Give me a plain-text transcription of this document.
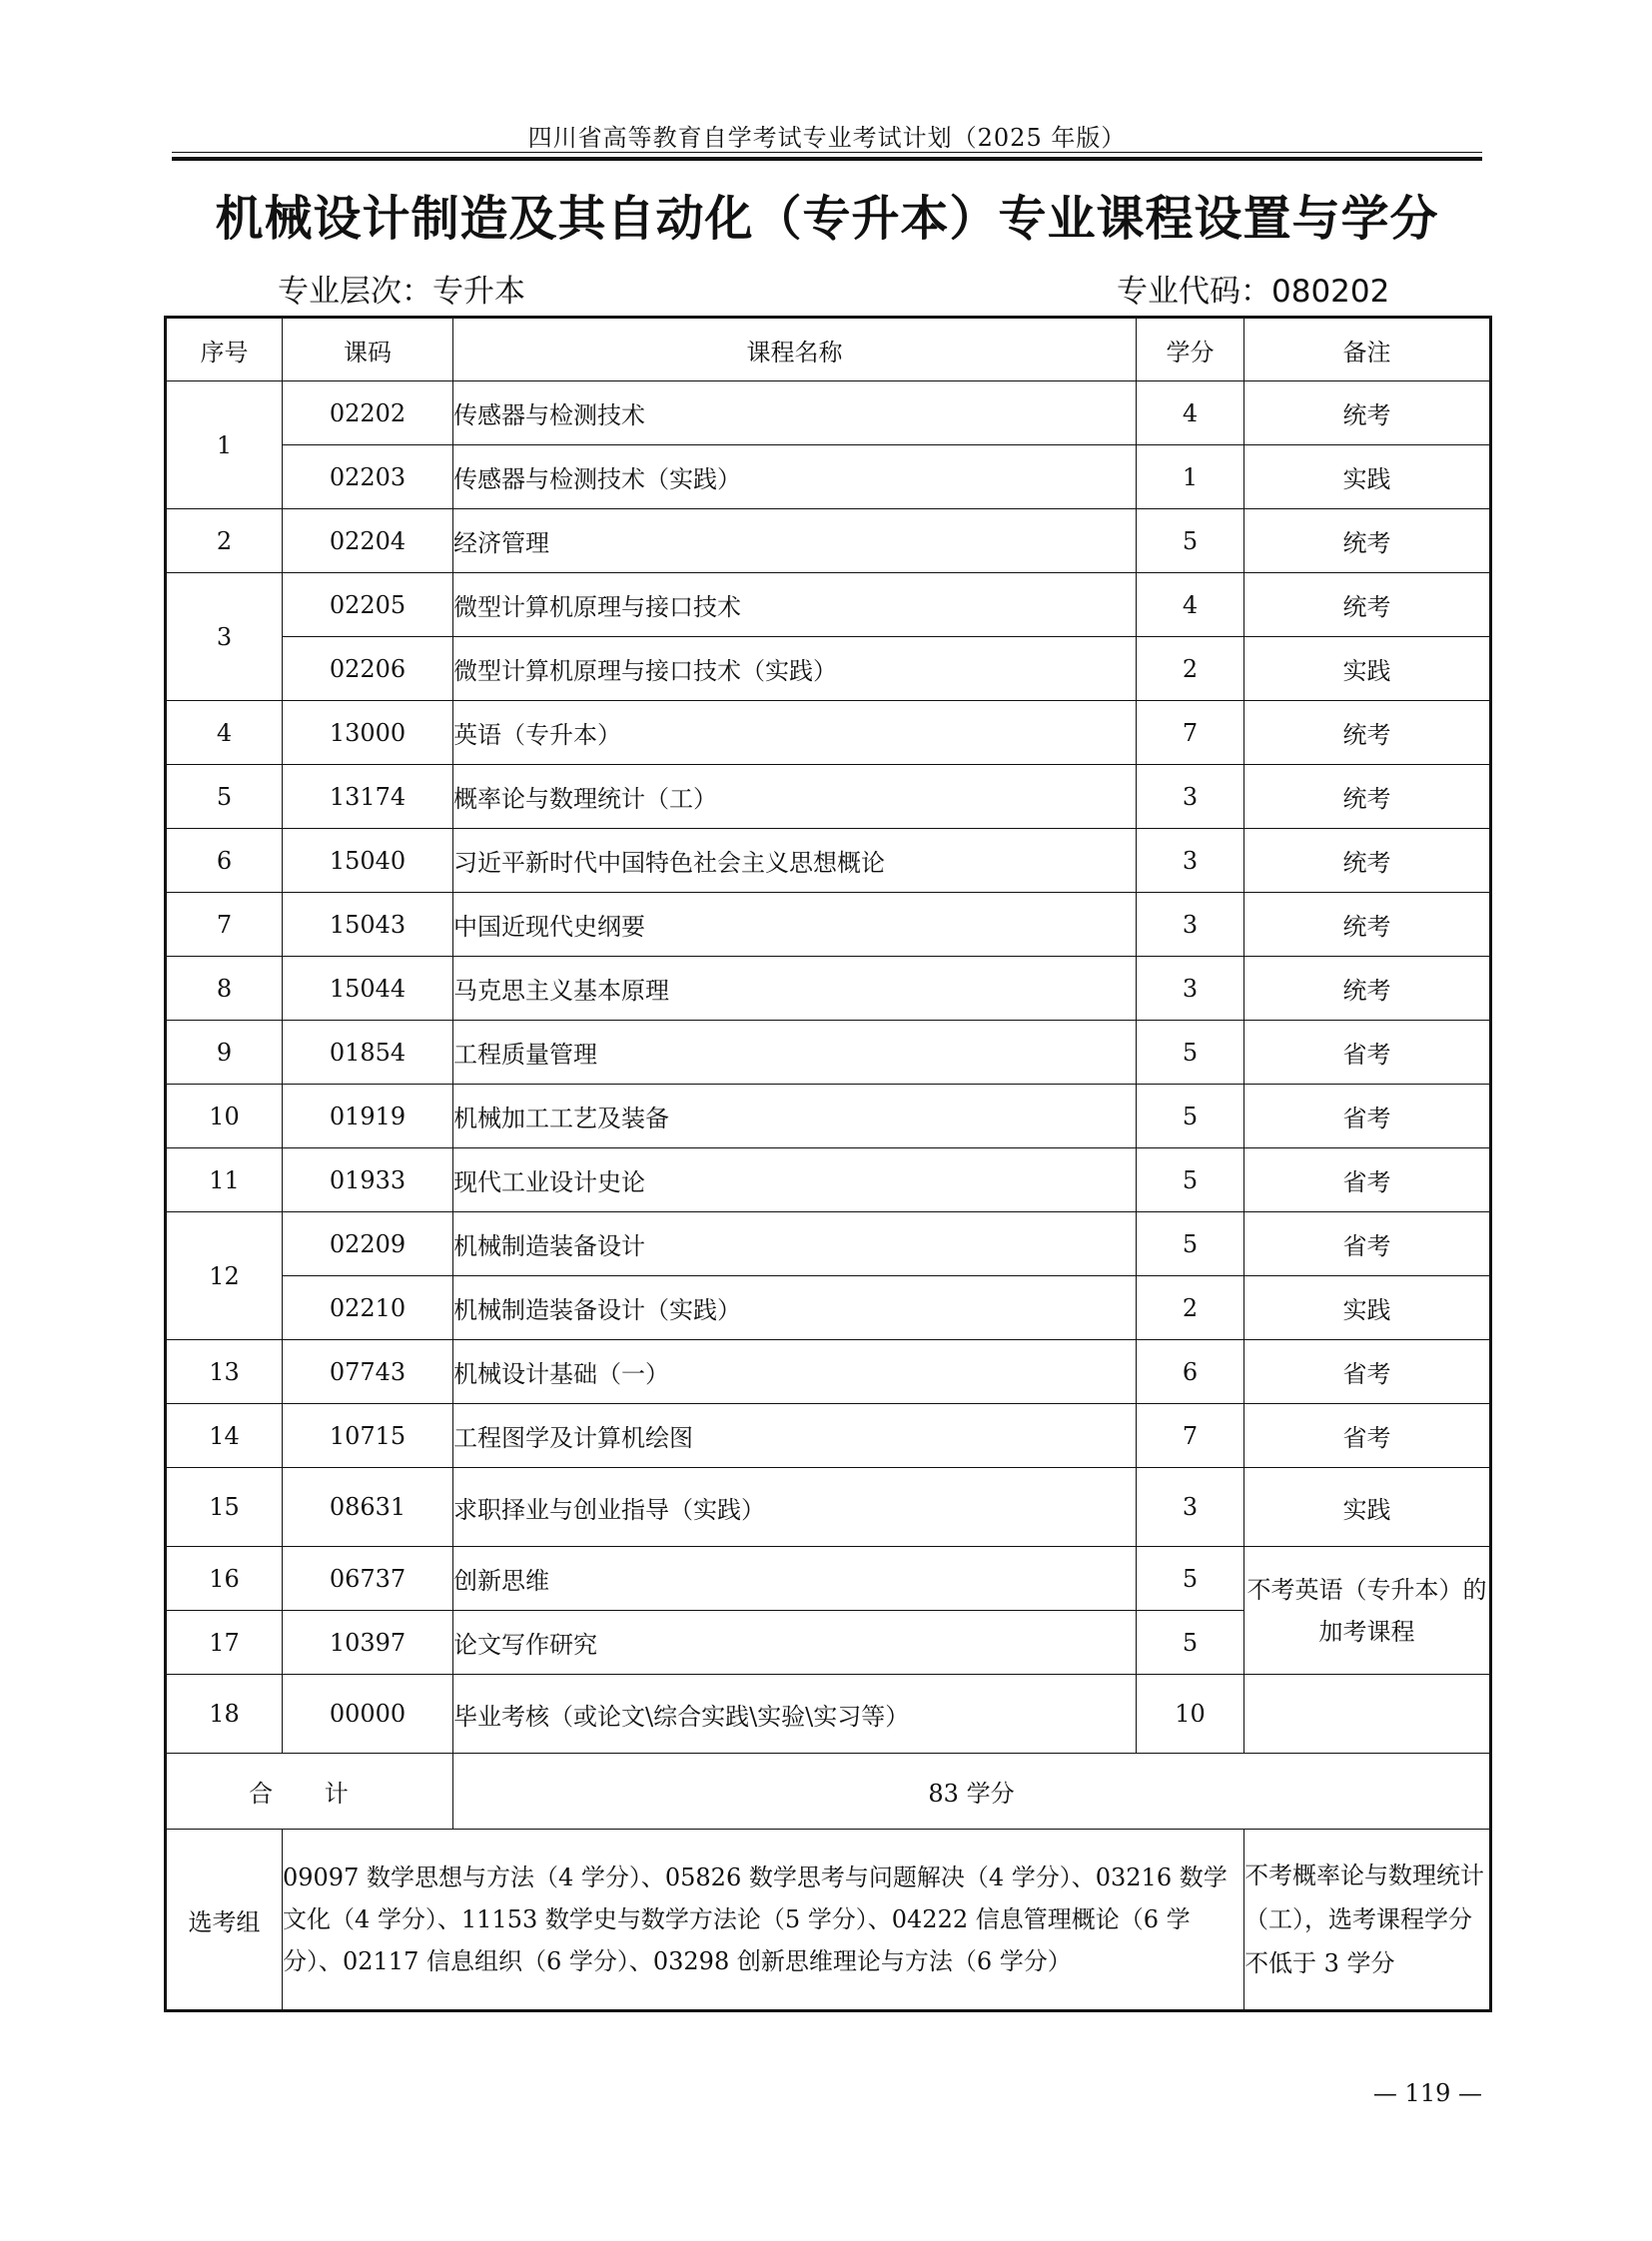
四川省高等教育自学考试专业考试计划（2025 年版）
机械设计制造及其自动化（专升本）专业课程设置与学分
专业层次：专升本	专业代码：080202
序号	课码	课程名称	学分	备注
1	02202	传感器与检测技术	4	统考
	02203	传感器与检测技术（实践）	1	实践
2	02204	经济管理	5	统考
3	02205	微型计算机原理与接口技术	4	统考
	02206	微型计算机原理与接口技术（实践）	2	实践
4	13000	英语（专升本）	7	统考
5	13174	概率论与数理统计（工）	3	统考
6	15040	习近平新时代中国特色社会主义思想概论	3	统考
7	15043	中国近现代史纲要	3	统考
8	15044	马克思主义基本原理	3	统考
9	01854	工程质量管理	5	省考
10	01919	机械加工工艺及装备	5	省考
11	01933	现代工业设计史论	5	省考
12	02209	机械制造装备设计	5	省考
	02210	机械制造装备设计（实践）	2	实践
13	07743	机械设计基础（一）	6	省考
14	10715	工程图学及计算机绘图	7	省考
15	08631	求职择业与创业指导（实践）	3	实践
16	06737	创新思维	5	不考英语（专升本）的加考课程
17	10397	论文写作研究	5	
18	00000	毕业考核（或论文\综合实践\实验\实习等）	10	
合 计		83 学分		
选考组	09097 数学思想与方法（4 学分）、05826 数学思考与问题解决（4 学分）、03216 数学文化（4 学分）、11153 数学史与数学方法论（5 学分）、04222 信息管理概论（6 学分）、02117 信息组织（6 学分）、03298 创新思维理论与方法（6 学分）			不考概率论与数理统计（工），选考课程学分不低于 3 学分
— 119 —
